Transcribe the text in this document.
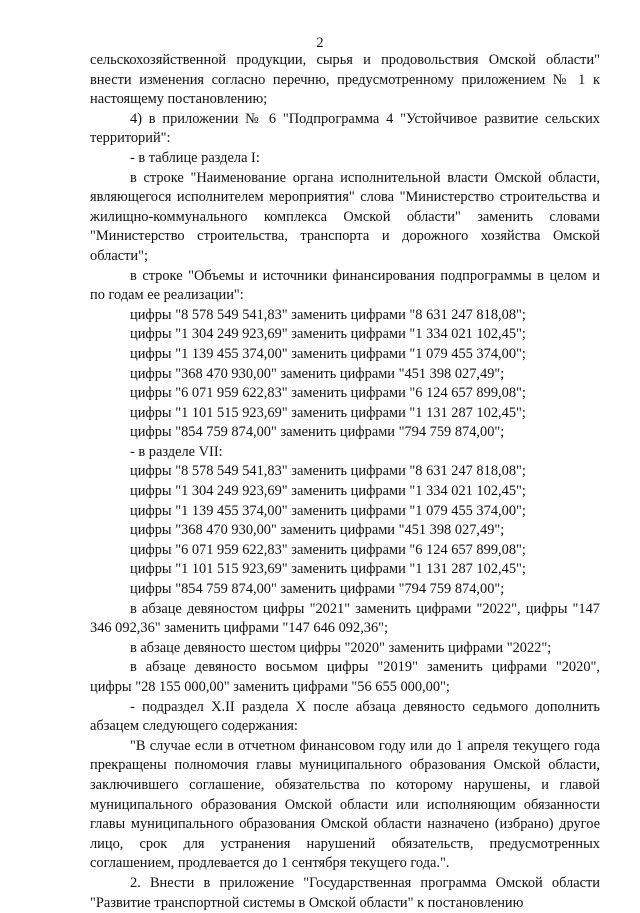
2

сельскохозяйственной продукции, сырья и продовольствия Омской области" внести изменения согласно перечню, предусмотренному приложением № 1 к настоящему постановлению;

4) в приложении № 6 "Подпрограмма 4 "Устойчивое развитие сельских территорий":

- в таблице раздела I:

в строке "Наименование органа исполнительной власти Омской области, являющегося исполнителем мероприятия" слова "Министерство строительства и жилищно-коммунального комплекса Омской области" заменить словами "Министерство строительства, транспорта и дорожного хозяйства Омской области";

в строке "Объемы и источники финансирования подпрограммы в целом и по годам ее реализации":

цифры "8 578 549 541,83" заменить цифрами "8 631 247 818,08";

цифры "1 304 249 923,69" заменить цифрами "1 334 021 102,45";

цифры "1 139 455 374,00" заменить цифрами "1 079 455 374,00";

цифры "368 470 930,00" заменить цифрами "451 398 027,49";

цифры "6 071 959 622,83" заменить цифрами "6 124 657 899,08";

цифры "1 101 515 923,69" заменить цифрами "1 131 287 102,45";

цифры "854 759 874,00" заменить цифрами "794 759 874,00";

- в разделе VII:

цифры "8 578 549 541,83" заменить цифрами "8 631 247 818,08";

цифры "1 304 249 923,69" заменить цифрами "1 334 021 102,45";

цифры "1 139 455 374,00" заменить цифрами "1 079 455 374,00";

цифры "368 470 930,00" заменить цифрами "451 398 027,49";

цифры "6 071 959 622,83" заменить цифрами "6 124 657 899,08";

цифры "1 101 515 923,69" заменить цифрами "1 131 287 102,45";

цифры "854 759 874,00" заменить цифрами "794 759 874,00";

в абзаце девяностом цифры "2021" заменить цифрами "2022", цифры "147 346 092,36" заменить цифрами "147 646 092,36";

в абзаце девяносто шестом цифры "2020" заменить цифрами "2022";

в абзаце девяносто восьмом цифры "2019" заменить цифрами "2020", цифры "28 155 000,00" заменить цифрами "56 655 000,00";

- подраздел X.II раздела X после абзаца девяносто седьмого дополнить абзацем следующего содержания:

"В случае если в отчетном финансовом году или до 1 апреля текущего года прекращены полномочия главы муниципального образования Омской области, заключившего соглашение, обязательства по которому нарушены, и главой муниципального образования Омской области или исполняющим обязанности главы муниципального образования Омской области назначено (избрано) другое лицо, срок для устранения нарушений обязательств, предусмотренных соглашением, продлевается до 1 сентября текущего года.".

2. Внести в приложение "Государственная программа Омской области "Развитие транспортной системы в Омской области" к постановлению
